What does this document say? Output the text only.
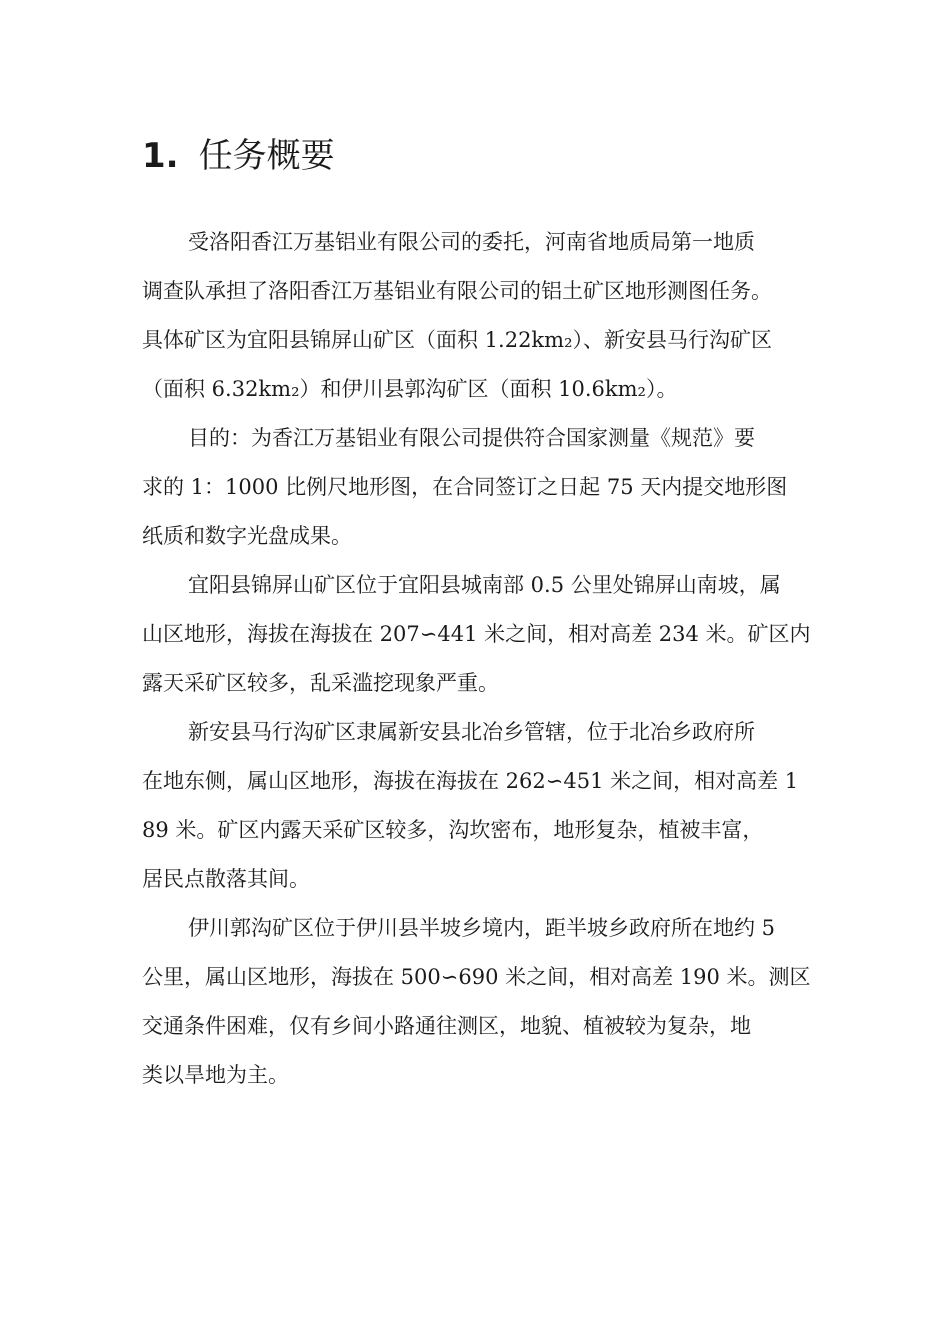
1. 任务概要
受洛阳香江万基铝业有限公司的委托，河南省地质局第一地质
调查队承担了洛阳香江万基铝业有限公司的铝土矿区地形测图任务。
具体矿区为宜阳县锦屏山矿区（面积 1.22km₂）、新安县马行沟矿区
（面积 6.32km₂）和伊川县郭沟矿区（面积 10.6km₂）。
目的：为香江万基铝业有限公司提供符合国家测量《规范》要
求的 1：1000 比例尺地形图，在合同签订之日起 75 天内提交地形图
纸质和数字光盘成果。
宜阳县锦屏山矿区位于宜阳县城南部 0.5 公里处锦屏山南坡，属
山区地形，海拔在海拔在 207∽441 米之间，相对高差 234 米。矿区内
露天采矿区较多，乱采滥挖现象严重。
新安县马行沟矿区隶属新安县北冶乡管辖，位于北冶乡政府所
在地东侧，属山区地形，海拔在海拔在 262∽451 米之间，相对高差 1
89 米。矿区内露天采矿区较多，沟坎密布，地形复杂，植被丰富，
居民点散落其间。
伊川郭沟矿区位于伊川县半坡乡境内，距半坡乡政府所在地约 5
公里，属山区地形，海拔在 500∽690 米之间，相对高差 190 米。测区
交通条件困难，仅有乡间小路通往测区，地貌、植被较为复杂，地
类以旱地为主。
